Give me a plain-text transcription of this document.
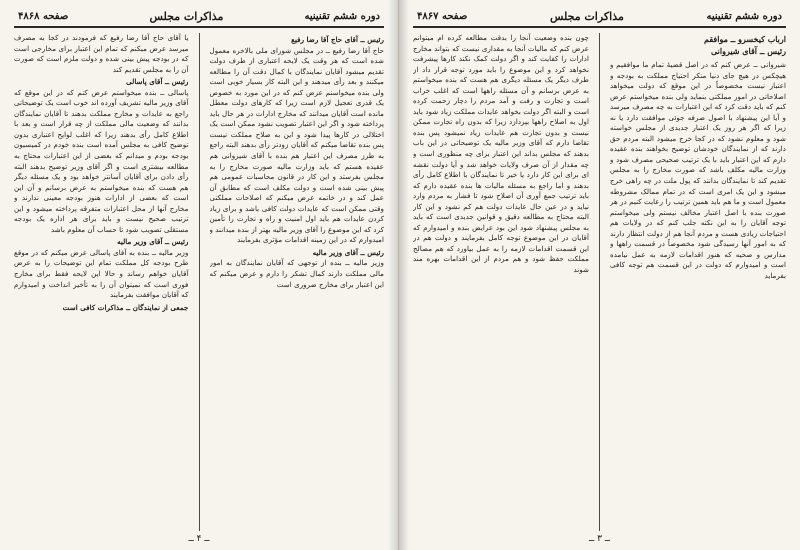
دوره ششم تقنینیه
مذاکرات مجلس
صفحه ۴۸۶۷
ارباب کیخسرو ــ موافقم
رئیس ــ آقای شیروانی
شیروانی ــ عرض کنم که در اصل قضیهٔ تمام ما موافقیم و هیچکس در هیچ جای دنیا منکر احتیاج مملکت به بودجه و اعتبار نیست مخصوصاً در این موقع که دولت میخواهد اصلاحاتی در امور مملکتی بنماید ولی بنده میخواستم عرض کنم که باید دقت کرد که این اعتبارات به چه مصرف میرسد و آیا این پیشنهاد با اصول صرفه جوئی موافقت دارد یا نه زیرا که اگر هر روز یک اعتبار جدیدی از مجلس خواسته شود و معلوم نشود که در کجا خرج میشود البته مردم حق دارند که از نمایندگان خودشان توضیح بخواهند بنده عقیده دارم که این اعتبار باید با یک ترتیب صحیحی مصرف شود و وزارت مالیه مکلف باشد که صورت مخارج را به مجلس تقدیم کند تا نمایندگان بدانند که پول ملت در چه راهی خرج میشود و این یک امری است که در تمام ممالک مشروطه معمول است و ما هم باید همین ترتیب را رعایت کنیم در هر صورت بنده با اصل اعتبار مخالف نیستم ولی میخواستم توجه آقایان را به این نکته جلب کنم که در ولایات هم احتیاجات زیادی هست و مردم آنجا هم از دولت انتظار دارند که به امور آنها رسیدگی شود مخصوصاً در قسمت راهها و مدارس و صحیه که هنوز اقدامات لازمه به عمل نیامده است و امیدوارم که دولت در این قسمت هم توجه کافی بفرماید
چون بنده وضعیت آنجا را بدقت مطالعه کرده ام میتوانم عرض کنم که مالیات آنجا به مقداری نیست که بتواند مخارج ادارات را کفایت کند و اگر دولت کمک نکند کارها پیشرفت نخواهد کرد و این موضوع را باید مورد توجه قرار داد از طرف دیگر یک مسئله دیگری هم هست که بنده میخواستم به عرض برسانم و آن مسئله راهها است که اغلب خراب است و تجارت و رفت و آمد مردم را دچار زحمت کرده است و البته اگر دولت بخواهد عایدات مملکت زیاد شود باید اول به اصلاح راهها بپردازد زیرا که بدون راه تجارت ممکن نیست و بدون تجارت هم عایدات زیاد نمیشود پس بنده تقاضا دارم که آقای وزیر مالیه یک توضیحاتی در این باب بدهند که مجلس بداند این اعتبار برای چه منظوری است و چه مقدار از آن صرف ولایات خواهد شد و آیا دولت نقشه ای برای این کار دارد یا خیر تا نمایندگان با اطلاع کامل رأی بدهند و اما راجع به مسئله مالیات ها بنده عقیده دارم که باید ترتیب جمع آوری آن اصلاح شود تا فشار به مردم وارد نیاید و در عین حال عایدات دولت هم کم نشود و این کار البته محتاج به مطالعه دقیق و قوانین جدیدی است که باید به مجلس پیشنهاد شود این بود عرایض بنده و امیدوارم که آقایان در این موضوع توجه کامل بفرمایند و دولت هم در این قسمت اقدامات لازمه را به عمل بیاورد که هم مصالح مملکت حفظ شود و هم مردم از این اقدامات بهره مند شوند
ــ ۳ ــ
دوره ششم تقنینیه
مذاکرات مجلس
صفحه ۴۸۶۸
رئیس ــ آقای حاج آقا رضا رفیع
حاج آقا رضا رفیع ــ در مجلس شورای ملی بالاخره معمول شده است که هر وقت یک لایحه اعتباری از طرف دولت تقدیم میشود آقایان نمایندگان با کمال دقت آن را مطالعه میکنند و بعد رأی میدهند و این البته کار بسیار خوبی است ولی بنده میخواستم عرض کنم که در این مورد به خصوص یک قدری تعجیل لازم است زیرا که کارهای دولت معطل مانده است آقایان میدانند که مخارج ادارات در هر حال باید پرداخته شود و اگر این اعتبار تصویب نشود ممکن است یک اختلالی در کارها پیدا شود و این به صلاح مملکت نیست پس بنده تقاضا میکنم که آقایان زودتر رأی بدهند البته راجع به طرز مصرف این اعتبار هم بنده با آقای شیروانی هم عقیده هستم که باید وزارت مالیه صورت مخارج را به مجلس بفرستد و این کار در قانون محاسبات عمومی هم پیش بینی شده است و دولت مکلف است که مطابق آن عمل کند و در خاتمه عرض میکنم که اصلاحات مملکتی وقتی ممکن است که عایدات دولت کافی باشد و برای زیاد کردن عایدات هم باید اول امنیت و راه و تجارت را تأمین کرد که این موضوع را آقای وزیر مالیه بهتر از بنده میدانند و امیدوارم که در این زمینه اقدامات مؤثری بفرمایند
رئیس ــ آقای وزیر مالیه
وزیر مالیه ــ بنده از توجهی که آقایان نمایندگان به امور مالی مملکت دارند کمال تشکر را دارم و عرض میکنم که این اعتبار برای مخارج ضروری است
یا آقای حاج آقا رضا رفیع که فرمودند در کجا به مصرف میرسد عرض میکنم که تمام این اعتبار برای مخارجی است که در بودجه پیش بینی شده و دولت ملزم است که صورت آن را به مجلس تقدیم کند
رئیس ــ آقای پاسالی
پاسالی ــ بنده میخواستم عرض کنم که در این موقع که آقای وزیر مالیه تشریف آورده اند خوب است یک توضیحاتی راجع به عایدات و مخارج مملکت بدهند تا آقایان نمایندگان بدانند که وضعیت مالی مملکت از چه قرار است و بعد با اطلاع کامل رأی بدهند زیرا که اغلب لوایح اعتباری بدون توضیح کافی به مجلس آمده است بنده خودم در کمیسیون بودجه بودم و میدانم که بعضی از این اعتبارات محتاج به مطالعه بیشتری است و اگر آقای وزیر توضیح بدهند البته رأی دادن برای آقایان آسانتر خواهد بود و یک مسئله دیگر هم هست که بنده میخواستم به عرض برسانم و آن این است که بعضی از ادارات هنوز بودجه معینی ندارند و مخارج آنها از محل اعتبارات متفرقه پرداخته میشود و این ترتیب صحیح نیست و باید برای هر اداره یک بودجه مستقلی تصویب شود تا حساب آن معلوم باشد
رئیس ــ آقای وزیر مالیه
وزیر مالیه ــ بنده به آقای پاسالی عرض میکنم که در موقع طرح بودجه کل مملکت تمام این توضیحات را به عرض آقایان خواهم رساند و حالا این لایحه فقط برای مخارج فوری است که نمیتوان آن را به تأخیر انداخت و امیدوارم که آقایان موافقت بفرمایند
جمعی از نمایندگان ــ مذاکرات کافی است
ــ ۴ ــ
